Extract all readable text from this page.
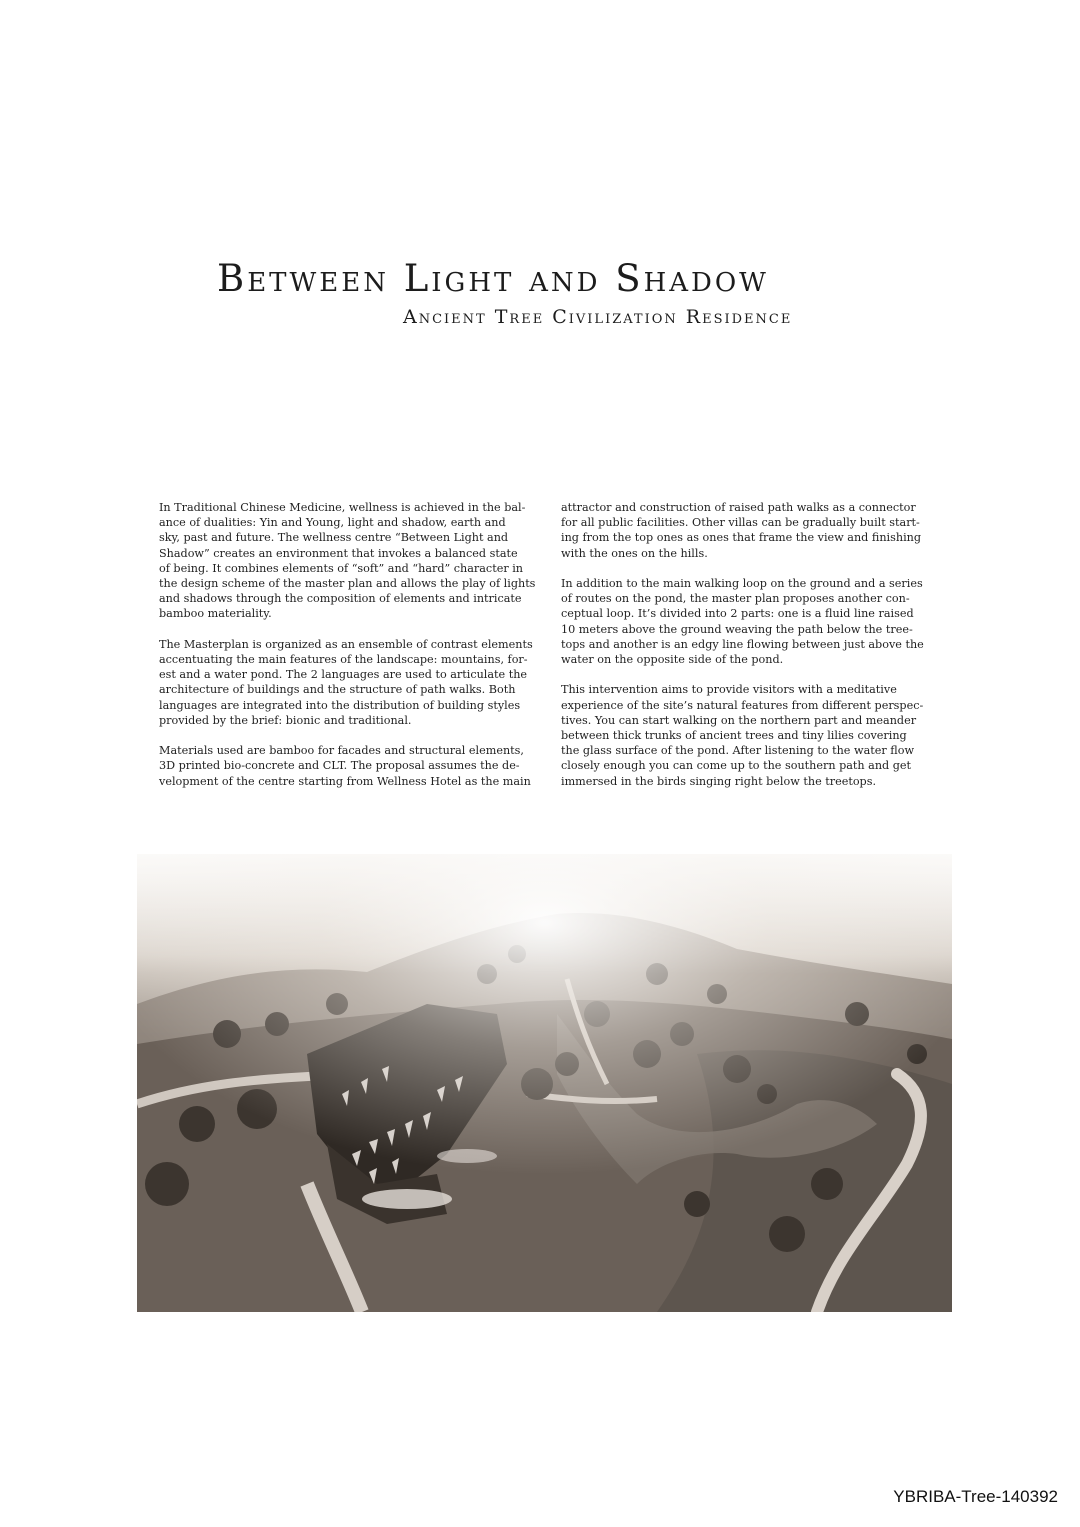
Between Light and Shadow
Ancient Tree Civilization Residence

In Traditional Chinese Medicine, wellness is achieved in the bal-
ance of dualities: Yin and Young, light and shadow, earth and
sky, past and future. The wellness centre “Between Light and
Shadow” creates an environment that invokes a balanced state
of being. It combines elements of “soft” and “hard” character in
the design scheme of the master plan and allows the play of lights
and shadows through the composition of elements and intricate
bamboo materiality.

The Masterplan is organized as an ensemble of contrast elements
accentuating the main features of the landscape: mountains, for-
est and a water pond. The 2 languages are used to articulate the
architecture of buildings and the structure of path walks. Both
languages are integrated into the distribution of building styles
provided by the brief: bionic and traditional.

Materials used are bamboo for facades and structural elements,
3D printed bio-concrete and CLT. The proposal assumes the de-
velopment of the centre starting from Wellness Hotel as the main

attractor and construction of raised path walks as a connector
for all public facilities. Other villas can be gradually built start-
ing from the top ones as ones that frame the view and finishing
with the ones on the hills.

In addition to the main walking loop on the ground and a series
of routes on the pond, the master plan proposes another con-
ceptual loop. It’s divided into 2 parts: one is a fluid line raised
10 meters above the ground weaving the path below the tree-
tops and another is an edgy line flowing between just above the
water on the opposite side of the pond.

This intervention aims to provide visitors with a meditative
experience of the site’s natural features from different perspec-
tives. You can start walking on the northern part and meander
between thick trunks of ancient trees and tiny lilies covering
the glass surface of the pond. After listening to the water flow
closely enough you can come up to the southern path and get
immersed in the birds singing right below the treetops.

YBRIBA-Tree-140392
